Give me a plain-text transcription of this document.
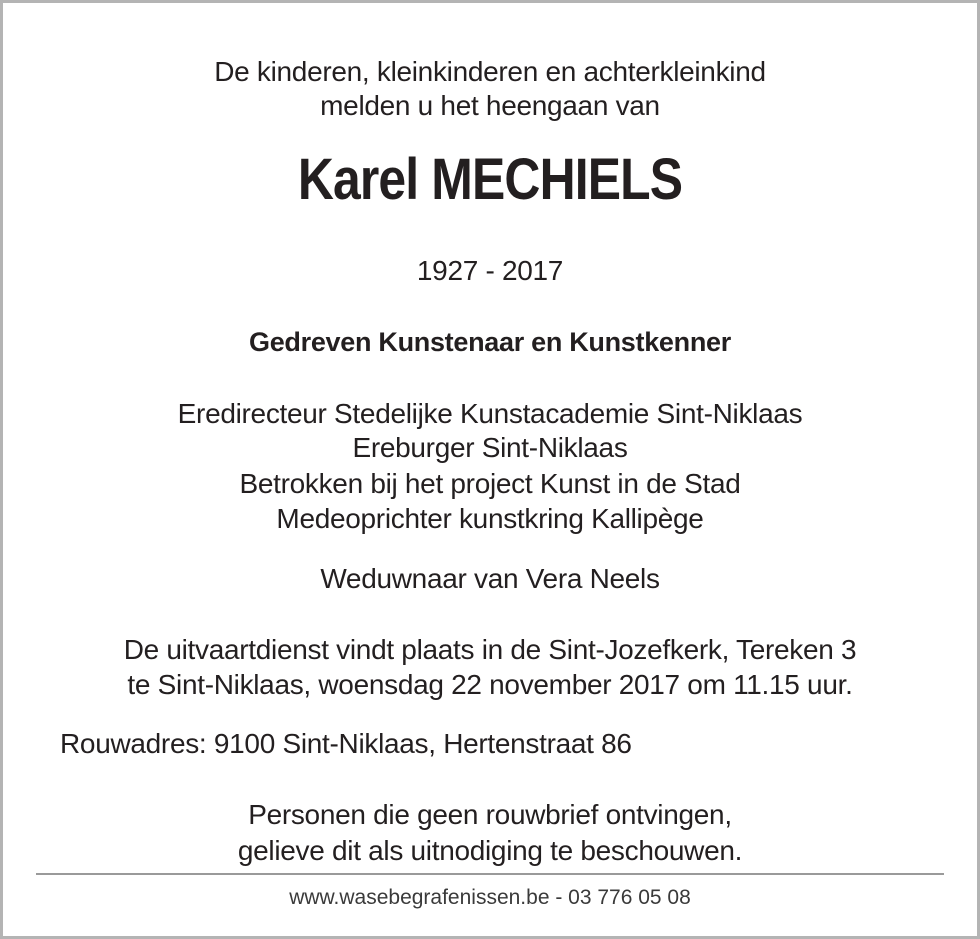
De kinderen, kleinkinderen en achterkleinkind
melden u het heengaan van
Karel MECHIELS
1927 - 2017
Gedreven Kunstenaar en Kunstkenner
Eredirecteur Stedelijke Kunstacademie Sint-Niklaas
Ereburger Sint-Niklaas
Betrokken bij het project Kunst in de Stad
Medeoprichter kunstkring Kallipège
Weduwnaar van Vera Neels
De uitvaartdienst vindt plaats in de Sint-Jozefkerk, Tereken 3
te Sint-Niklaas, woensdag 22 november 2017 om 11.15 uur.
Rouwadres: 9100 Sint-Niklaas, Hertenstraat 86
Personen die geen rouwbrief ontvingen,
gelieve dit als uitnodiging te beschouwen.
www.wasebegrafenissen.be - 03 776 05 08
